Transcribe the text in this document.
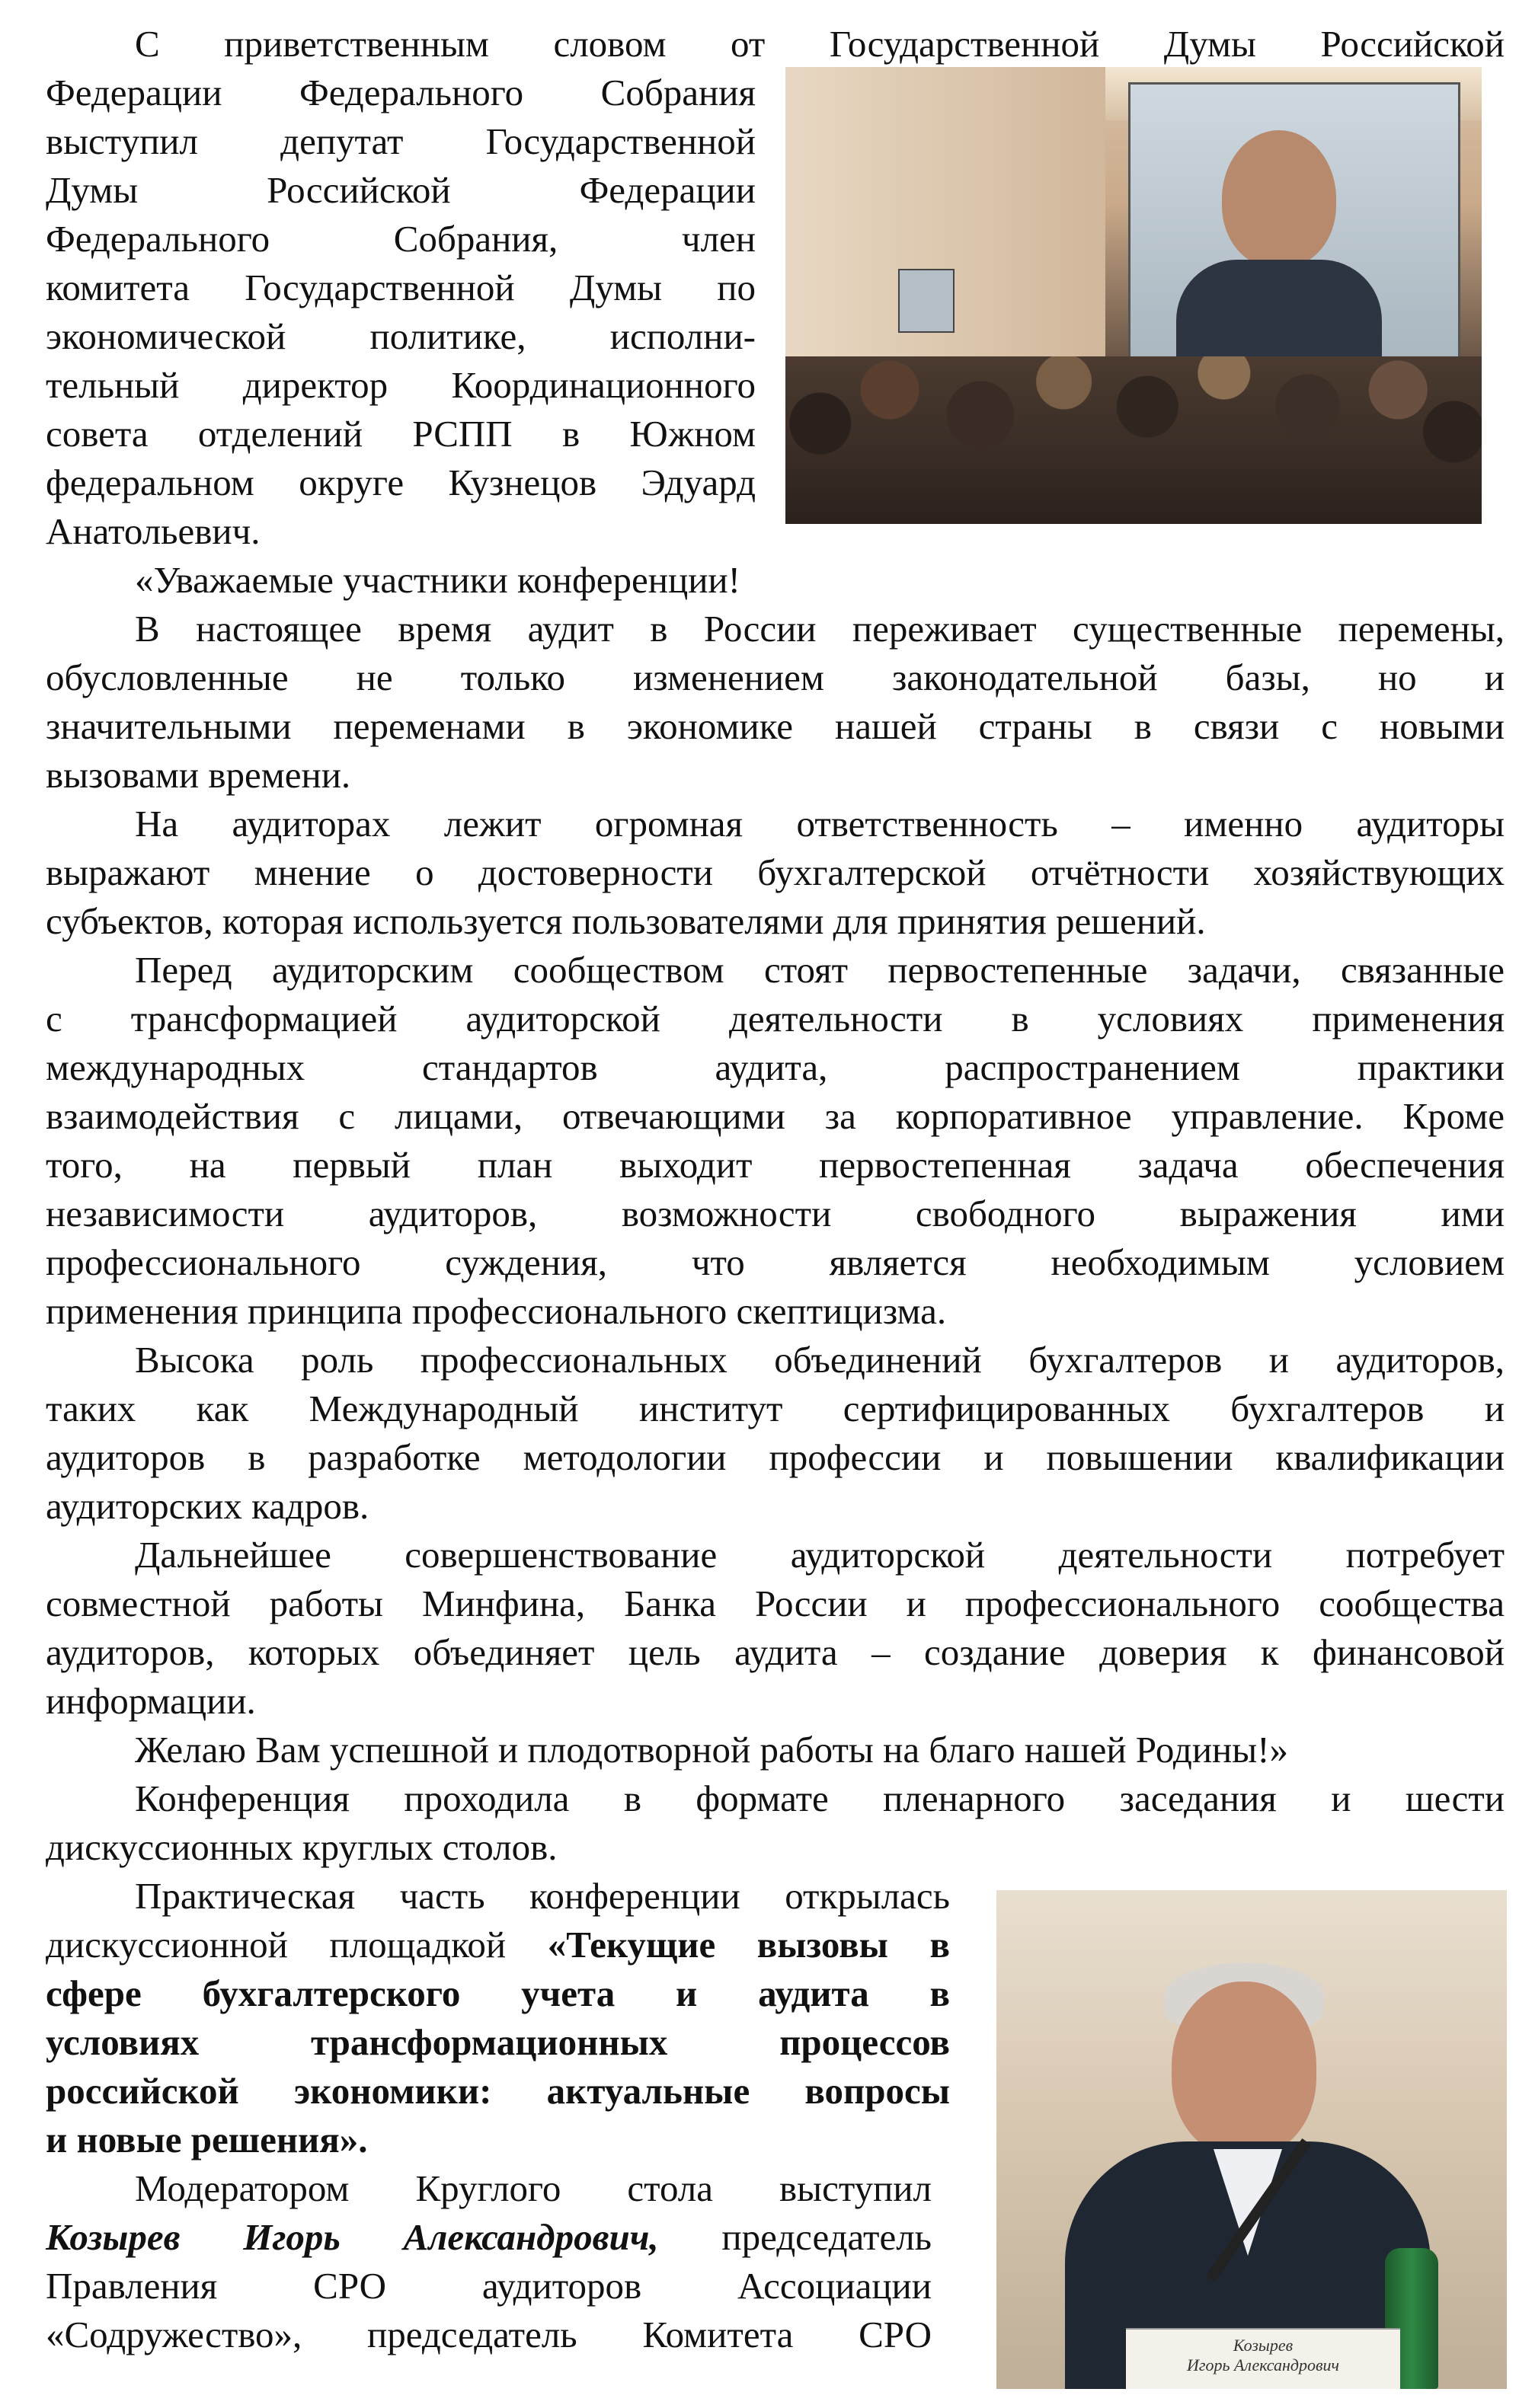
Козырев
Игорь Александрович
С приветственным словом от Государственной Думы Российской
Федерации Федерального Собрания
выступил депутат Государственной
Думы Российской Федерации
Федерального Собрания, член
комитета Государственной Думы по
экономической политике, исполни-
тельный директор Координационного
совета отделений РСПП в Южном
федеральном округе Кузнецов Эдуард
Анатольевич.
«Уважаемые участники конференции!
В настоящее время аудит в России переживает существенные перемены,
обусловленные не только изменением законодательной базы, но и
значительными переменами в экономике нашей страны в связи с новыми
вызовами времени.
На аудиторах лежит огромная ответственность – именно аудиторы
выражают мнение о достоверности бухгалтерской отчётности хозяйствующих
субъектов, которая используется пользователями для принятия решений.
Перед аудиторским сообществом стоят первостепенные задачи, связанные
с трансформацией аудиторской деятельности в условиях применения
международных стандартов аудита, распространением практики
взаимодействия с лицами, отвечающими за корпоративное управление. Кроме
того, на первый план выходит первостепенная задача обеспечения
независимости аудиторов, возможности свободного выражения ими
профессионального суждения, что является необходимым условием
применения принципа профессионального скептицизма.
Высока роль профессиональных объединений бухгалтеров и аудиторов,
таких как Международный институт сертифицированных бухгалтеров и
аудиторов в разработке методологии профессии и повышении квалификации
аудиторских кадров.
Дальнейшее совершенствование аудиторской деятельности потребует
совместной работы Минфина, Банка России и профессионального сообщества
аудиторов, которых объединяет цель аудита – создание доверия к финансовой
информации.
Желаю Вам успешной и плодотворной работы на благо нашей Родины!»
Конференция проходила в формате пленарного заседания и шести
дискуссионных круглых столов.
Практическая часть конференции открылась
дискуссионной площадкой «Текущие вызовы в
сфере бухгалтерского учета и аудита в
условиях трансформационных процессов
российской экономики: актуальные вопросы
и новые решения».
Модератором Круглого стола выступил
Козырев Игорь Александрович, председатель
Правления СРО аудиторов Ассоциации
«Содружество», председатель Комитета СРО
